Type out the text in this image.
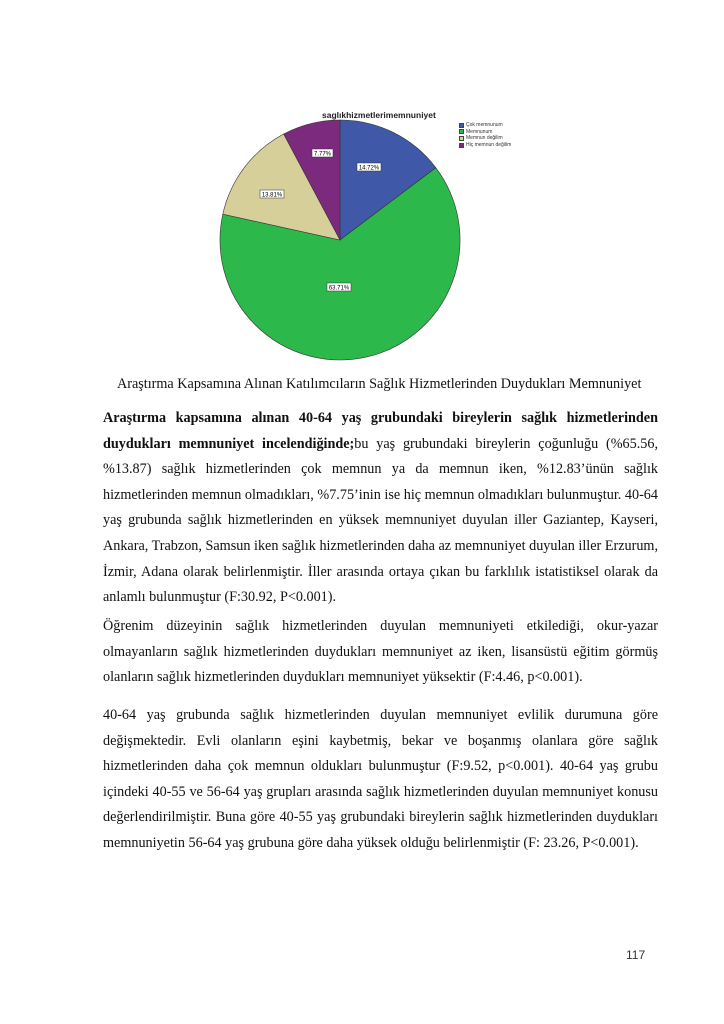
14.72%
63.71%
13.81%
7.77%
saglıkhizmetlerimemnuniyet
Çok memnunum
Memnunum
Memnun değilim
Hiç memnun değilim
Araştırma Kapsamına Alınan Katılımcıların Sağlık Hizmetlerinden Duydukları Memnuniyet
Araştırma kapsamına alınan 40-64 yaş grubundaki bireylerin sağlık hizmetlerinden duydukları memnuniyet incelendiğinde;bu yaş grubundaki bireylerin çoğunluğu (%65.56, %13.87) sağlık hizmetlerinden çok memnun ya da memnun iken, %12.83’ünün sağlık hizmetlerinden memnun olmadıkları, %7.75’inin ise hiç memnun olmadıkları bulunmuştur. 40-64 yaş grubunda sağlık hizmetlerinden en yüksek memnuniyet duyulan iller Gaziantep, Kayseri, Ankara, Trabzon, Samsun iken sağlık hizmetlerinden daha az memnuniyet duyulan iller Erzurum, İzmir, Adana olarak belirlenmiştir. İller arasında ortaya çıkan bu farklılık istatistiksel olarak da anlamlı bulunmuştur (F:30.92, P<0.001).
Öğrenim düzeyinin sağlık hizmetlerinden duyulan memnuniyeti etkilediği, okur-yazar olmayanların sağlık hizmetlerinden duydukları memnuniyet az iken, lisansüstü eğitim görmüş olanların sağlık hizmetlerinden duydukları memnuniyet yüksektir (F:4.46, p<0.001).
40-64 yaş grubunda sağlık hizmetlerinden duyulan memnuniyet evlilik durumuna göre değişmektedir. Evli olanların eşini kaybetmiş, bekar ve boşanmış olanlara göre sağlık hizmetlerinden daha çok memnun oldukları bulunmuştur (F:9.52, p<0.001). 40-64 yaş grubu içindeki 40-55 ve 56-64 yaş grupları arasında sağlık hizmetlerinden duyulan memnuniyet konusu değerlendirilmiştir. Buna göre 40-55 yaş grubundaki bireylerin sağlık hizmetlerinden duydukları memnuniyetin 56-64 yaş grubuna göre daha yüksek olduğu belirlenmiştir (F: 23.26, P<0.001).
117
